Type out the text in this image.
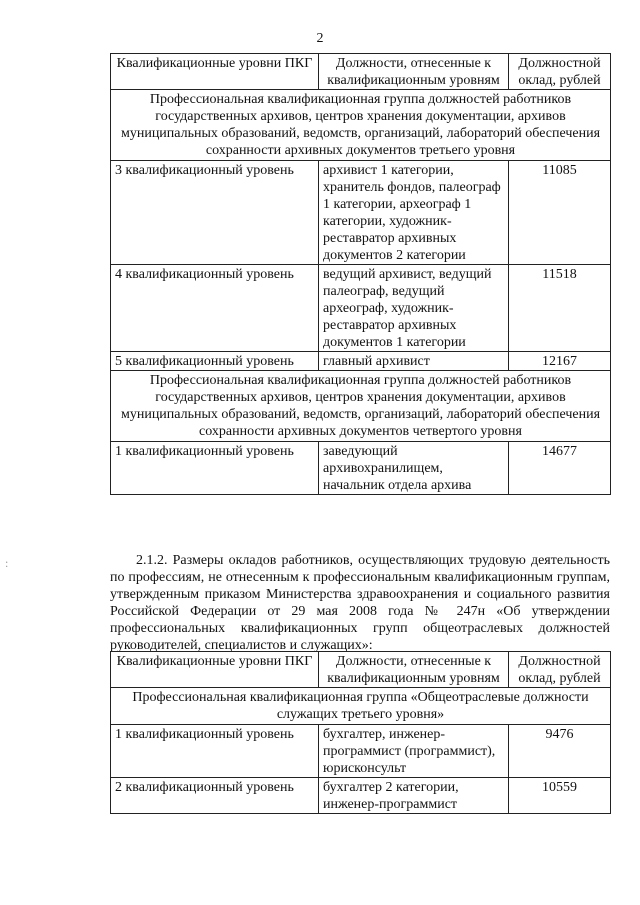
2
:
Квалификационные уровни ПКГ	Должности, отнесенные к квалификационным уровням	Должностной оклад, рублей
Профессиональная квалификационная группа должностей работников государственных архивов, центров хранения документации, архивов муниципальных образований, ведомств, организаций, лабораторий обеспечения сохранности архивных документов третьего уровня		
3 квалификационный уровень	архивист 1 категории, хранитель фондов, палеограф 1 категории, археограф 1 категории, художник-реставратор архивных документов 2 категории	11085
4 квалификационный уровень	ведущий архивист, ведущий палеограф, ведущий археограф, художник-реставратор архивных документов 1 категории	11518
5 квалификационный уровень	главный архивист	12167
Профессиональная квалификационная группа должностей работников государственных архивов, центров хранения документации, архивов муниципальных образований, ведомств, организаций, лабораторий обеспечения сохранности архивных документов четвертого уровня		
1 квалификационный уровень	заведующий архивохранилищем, начальник отдела архива	14677

2.1.2. Размеры окладов работников, осуществляющих трудовую деятельность по профессиям, не отнесенным к профессиональным квалификационным группам, утвержденным приказом Министерства здравоохранения и социального развития Российской Федерации от 29 мая 2008 года № 247н «Об утверждении профессиональных квалификационных групп общеотраслевых должностей руководителей, специалистов и служащих»:

Квалификационные уровни ПКГ	Должности, отнесенные к квалификационным уровням	Должностной оклад, рублей
Профессиональная квалификационная группа «Общеотраслевые должности служащих третьего уровня»		
1 квалификационный уровень	бухгалтер, инженер-программист (программист), юрисконсульт	9476
2 квалификационный уровень	бухгалтер 2 категории, инженер-программист	10559
